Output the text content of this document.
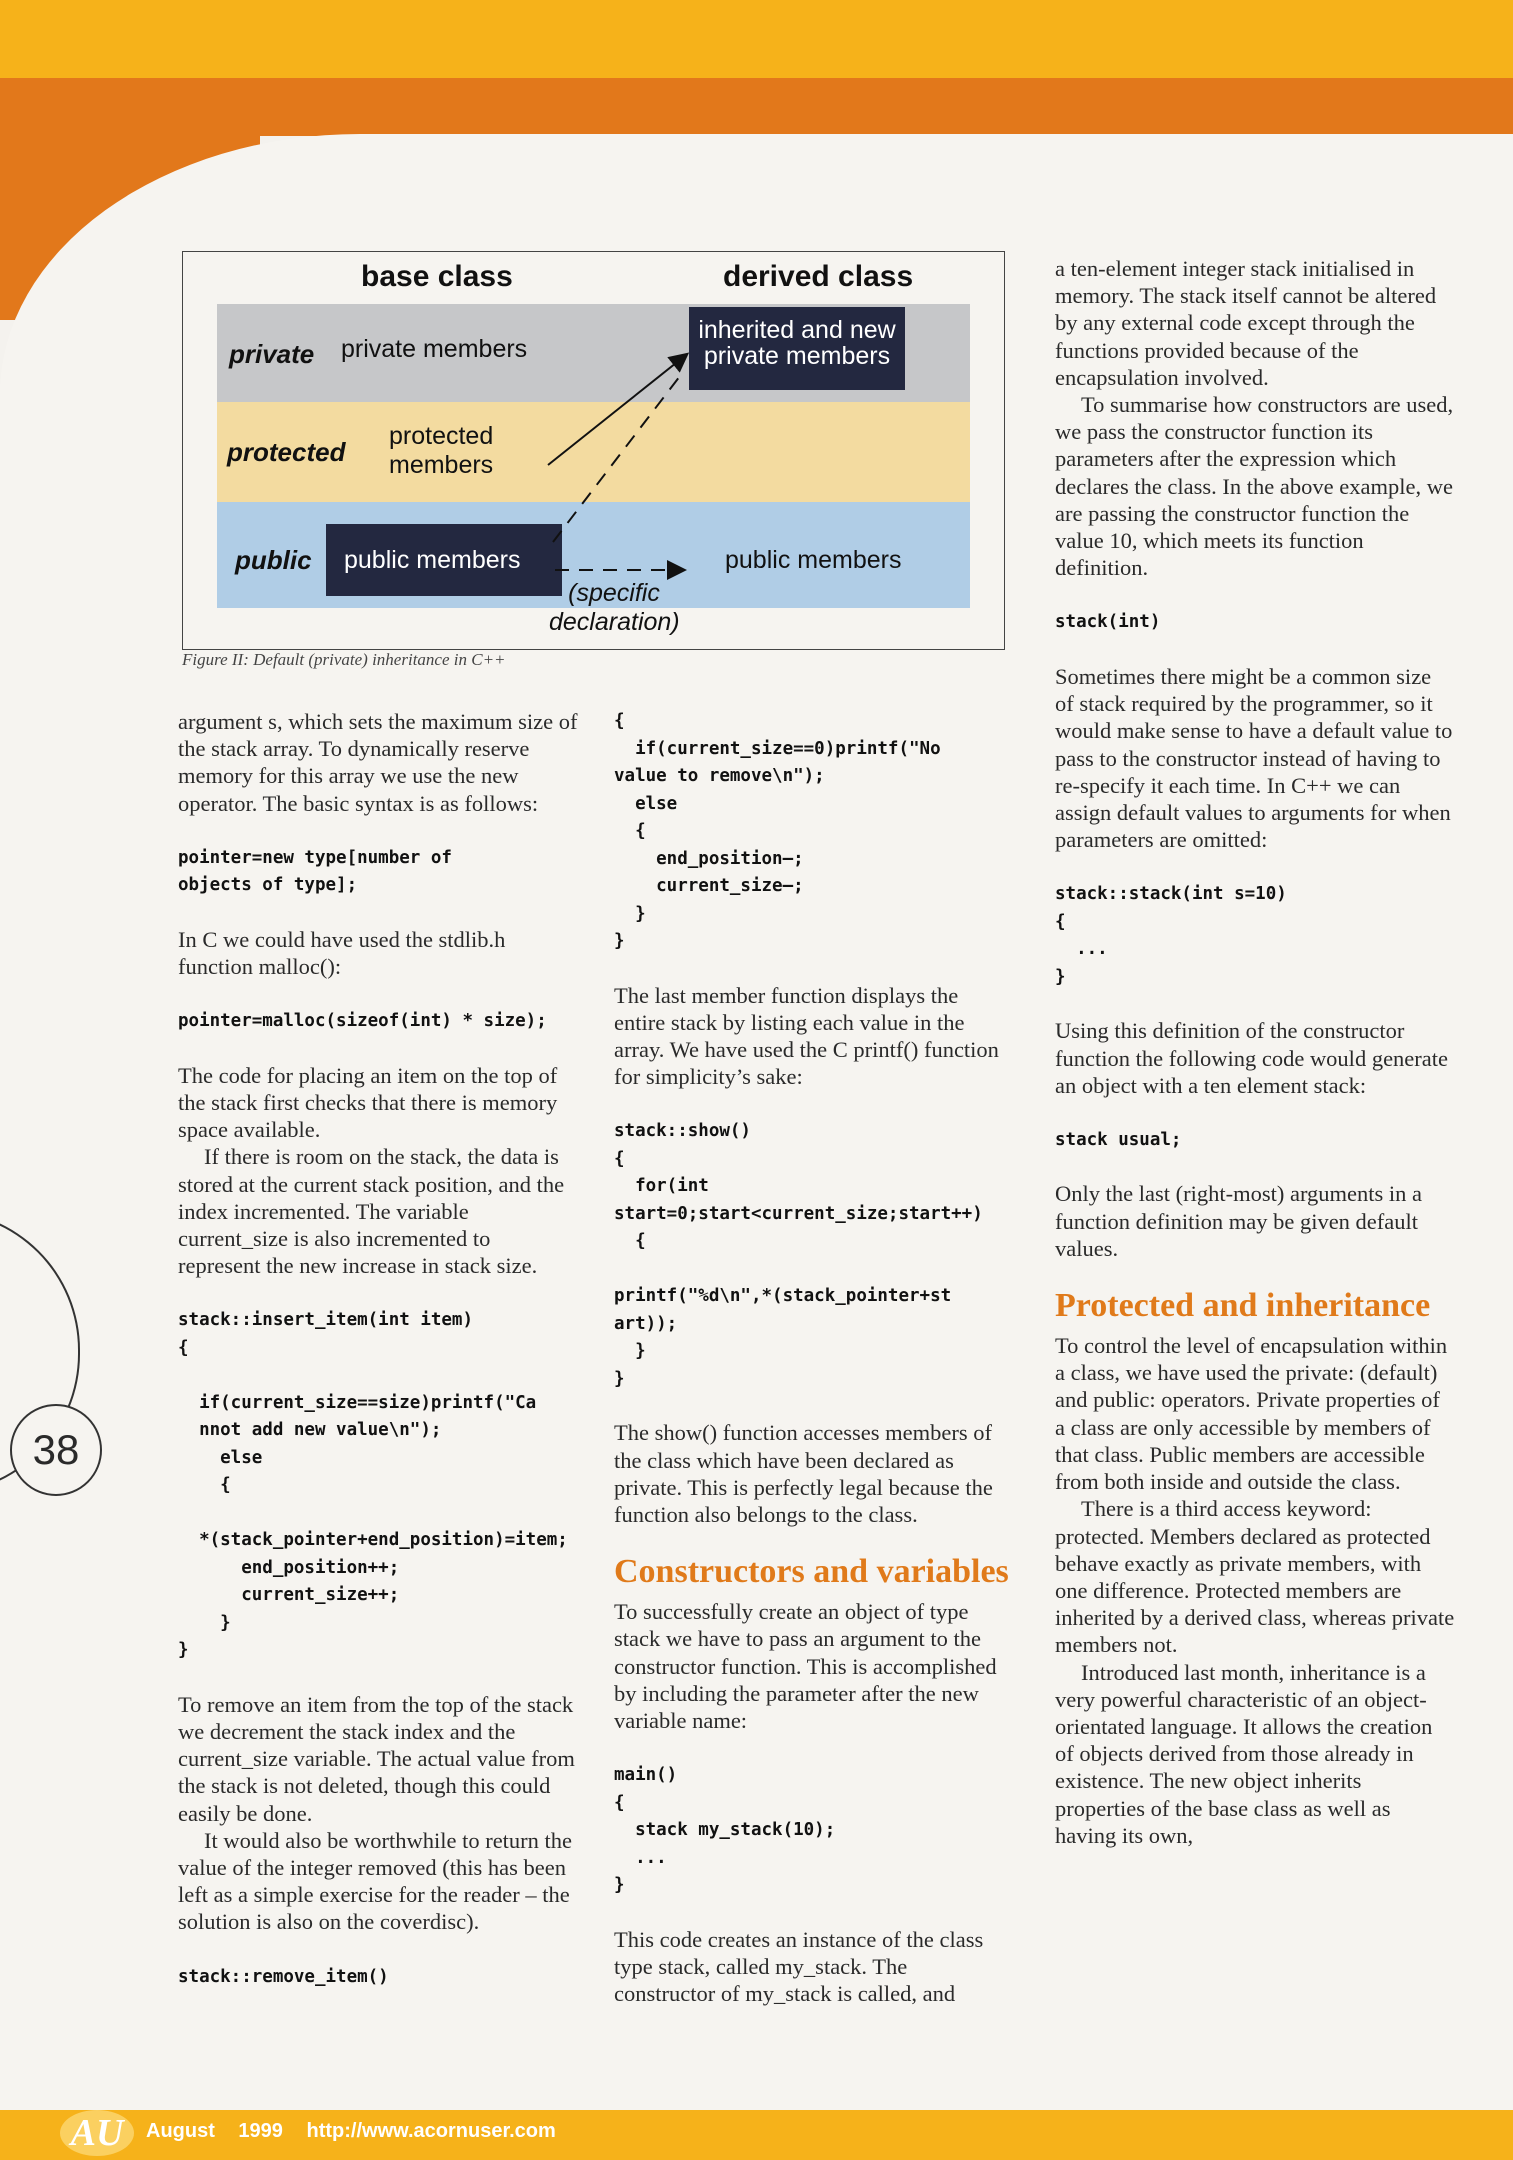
AU	August 1999 http://www.acornuser.com
38
base class	derived class
private
protected
public
private members
protected
members
public members
inherited and new
private members
public members
(specific
declaration)
Figure II: Default (private) inheritance in C++

argument s, which sets the maximum size of the stack array. To dynamically reserve memory for this array we use the new operator. The basic syntax is as follows:

pointer=new type[number of
objects of type];

In C we could have used the stdlib.h function malloc():

pointer=malloc(sizeof(int) * size);

The code for placing an item on the top of the stack first checks that there is memory space available.

If there is room on the stack, the data is stored at the current stack position, and the index incremented. The variable current_size is also incremented to represent the new increase in stack size.

stack::insert_item(int item)
{

if(current_size==size)printf("Ca
nnot add new value\n");
else
{

*(stack_pointer+end_position)=item;
end_position++;
current_size++;
}
}

To remove an item from the top of the stack we decrement the stack index and the current_size variable. The actual value from the stack is not deleted, though this could easily be done.

It would also be worthwhile to return the value of the integer removed (this has been left as a simple exercise for the reader – the solution is also on the coverdisc).

stack::remove_item()
{
if(current_size==0)printf("No
value to remove\n");
else
{
end_position–;
current_size–;
}
}

The last member function displays the entire stack by listing each value in the array. We have used the C printf() function for simplicity’s sake:

stack::show()
{
for(int
start=0;start<current_size;start++)
{

printf("%d\n",*(stack_pointer+st
art));
}
}

The show() function accesses members of the class which have been declared as private. This is perfectly legal because the function also belongs to the class.

Constructors and variables

To successfully create an object of type stack we have to pass an argument to the constructor function. This is accomplished by including the parameter after the new variable name:

main()
{
stack my_stack(10);
...
}

This code creates an instance of the class type stack, called my_stack. The constructor of my_stack is called, and

a ten-element integer stack initialised in memory. The stack itself cannot be altered by any external code except through the functions provided because of the encapsulation involved.

To summarise how constructors are used, we pass the constructor function its parameters after the expression which declares the class. In the above example, we are passing the constructor function the value 10, which meets its function definition.

stack(int)

Sometimes there might be a common size of stack required by the programmer, so it would make sense to have a default value to pass to the constructor instead of having to re-specify it each time. In C++ we can assign default values to arguments for when parameters are omitted:

stack::stack(int s=10)
{
...
}

Using this definition of the constructor function the following code would generate an object with a ten element stack:

stack usual;

Only the last (right-most) arguments in a function definition may be given default values.

Protected and inheritance

To control the level of encapsulation within a class, we have used the private: (default) and public: operators. Private properties of a class are only accessible by members of that class. Public members are accessible from both inside and outside the class.

There is a third access keyword: protected. Members declared as protected behave exactly as private members, with one difference. Protected members are inherited by a derived class, whereas private members not.

Introduced last month, inheritance is a very powerful characteristic of an object-orientated language. It allows the creation of objects derived from those already in existence. The new object inherits properties of the base class as well as having its own,
